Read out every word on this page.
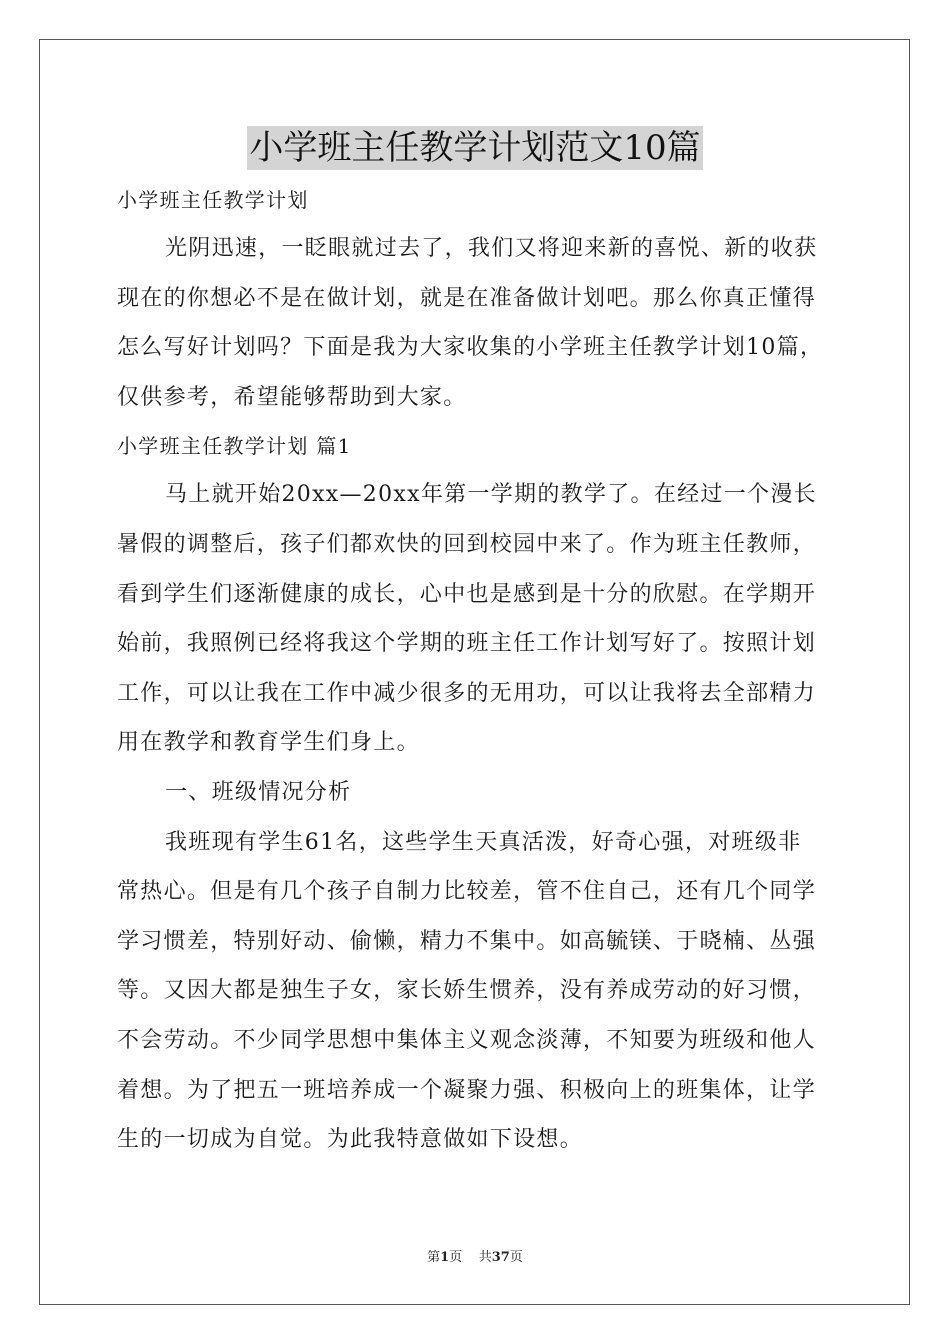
小学班主任教学计划范文10篇
小学班主任教学计划
光阴迅速，一眨眼就过去了，我们又将迎来新的喜悦、新的收获
现在的你想必不是在做计划，就是在准备做计划吧。那么你真正懂得
怎么写好计划吗？下面是我为大家收集的小学班主任教学计划10篇，
仅供参考，希望能够帮助到大家。
小学班主任教学计划 篇1
马上就开始20xx—20xx年第一学期的教学了。在经过一个漫长
暑假的调整后，孩子们都欢快的回到校园中来了。作为班主任教师，
看到学生们逐渐健康的成长，心中也是感到是十分的欣慰。在学期开
始前，我照例已经将我这个学期的班主任工作计划写好了。按照计划
工作，可以让我在工作中减少很多的无用功，可以让我将去全部精力
用在教学和教育学生们身上。
一、班级情况分析
我班现有学生61名，这些学生天真活泼，好奇心强，对班级非
常热心。但是有几个孩子自制力比较差，管不住自己，还有几个同学
学习惯差，特别好动、偷懒，精力不集中。如高毓镁、于晓楠、丛强
等。又因大都是独生子女，家长娇生惯养，没有养成劳动的好习惯，
不会劳动。不少同学思想中集体主义观念淡薄，不知要为班级和他人
着想。为了把五一班培养成一个凝聚力强、积极向上的班集体，让学
生的一切成为自觉。为此我特意做如下设想。
第1页    共37页
